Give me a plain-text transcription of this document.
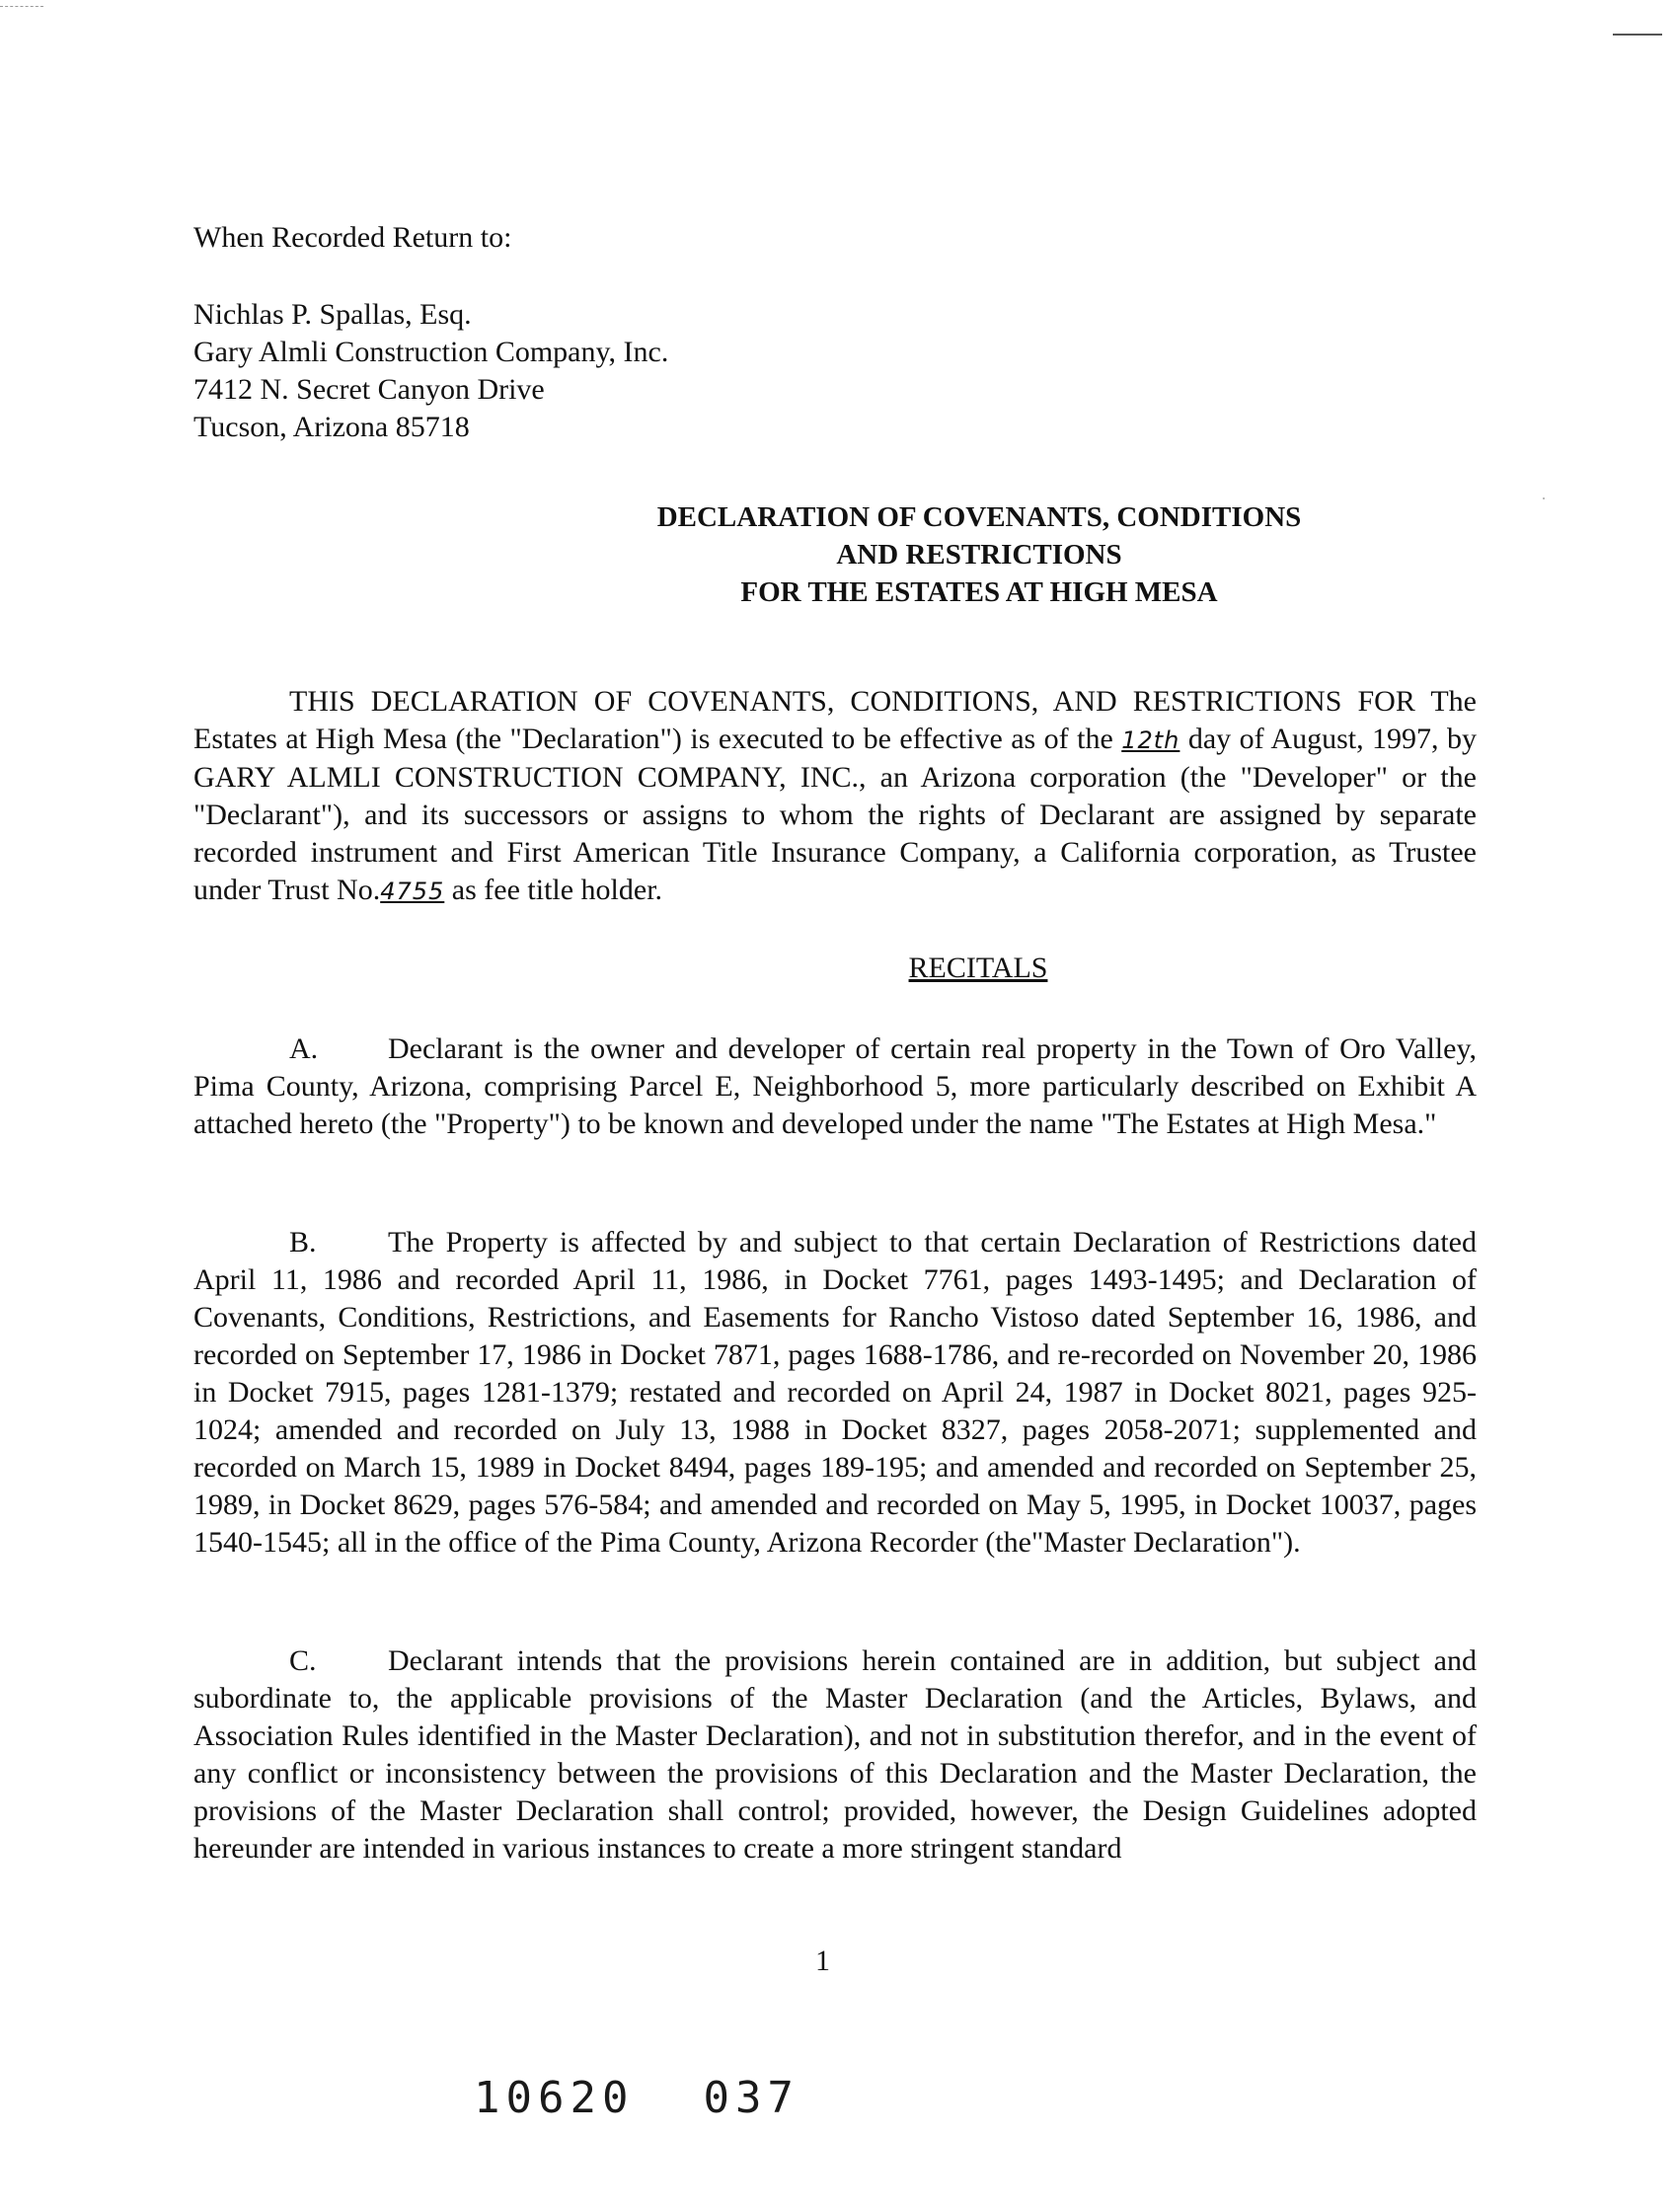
When Recorded Return to:
Nichlas P. Spallas, Esq.
Gary Almli Construction Company, Inc.
7412 N. Secret Canyon Drive
Tucson, Arizona 85718
DECLARATION OF COVENANTS, CONDITIONS
AND RESTRICTIONS
FOR THE ESTATES AT HIGH MESA
THIS DECLARATION OF COVENANTS, CONDITIONS, AND RESTRICTIONS FOR The Estates at High Mesa (the "Declaration") is executed to be effective as of the 12th day of August, 1997, by GARY ALMLI CONSTRUCTION COMPANY, INC., an Arizona corporation (the "Developer" or the "Declarant"), and its successors or assigns to whom the rights of Declarant are assigned by separate recorded instrument and First American Title Insurance Company, a California corporation, as Trustee under Trust No.4755 as fee title holder.
RECITALS
A. Declarant is the owner and developer of certain real property in the Town of Oro Valley, Pima County, Arizona, comprising Parcel E, Neighborhood 5, more particularly described on Exhibit A attached hereto (the "Property") to be known and developed under the name "The Estates at High Mesa."
B. The Property is affected by and subject to that certain Declaration of Restrictions dated April 11, 1986 and recorded April 11, 1986, in Docket 7761, pages 1493-1495; and Declaration of Covenants, Conditions, Restrictions, and Easements for Rancho Vistoso dated September 16, 1986, and recorded on September 17, 1986 in Docket 7871, pages 1688-1786, and re-recorded on November 20, 1986 in Docket 7915, pages 1281-1379; restated and recorded on April 24, 1987 in Docket 8021, pages 925-1024; amended and recorded on July 13, 1988 in Docket 8327, pages 2058-2071; supplemented and recorded on March 15, 1989 in Docket 8494, pages 189-195; and amended and recorded on September 25, 1989, in Docket 8629, pages 576-584; and amended and recorded on May 5, 1995, in Docket 10037, pages 1540-1545; all in the office of the Pima County, Arizona Recorder (the"Master Declaration").
C. Declarant intends that the provisions herein contained are in addition, but subject and subordinate to, the applicable provisions of the Master Declaration (and the Articles, Bylaws, and Association Rules identified in the Master Declaration), and not in substitution therefor, and in the event of any conflict or inconsistency between the provisions of this Declaration and the Master Declaration, the provisions of the Master Declaration shall control; provided, however, the Design Guidelines adopted hereunder are intended in various instances to create a more stringent standard
1
10620 037
